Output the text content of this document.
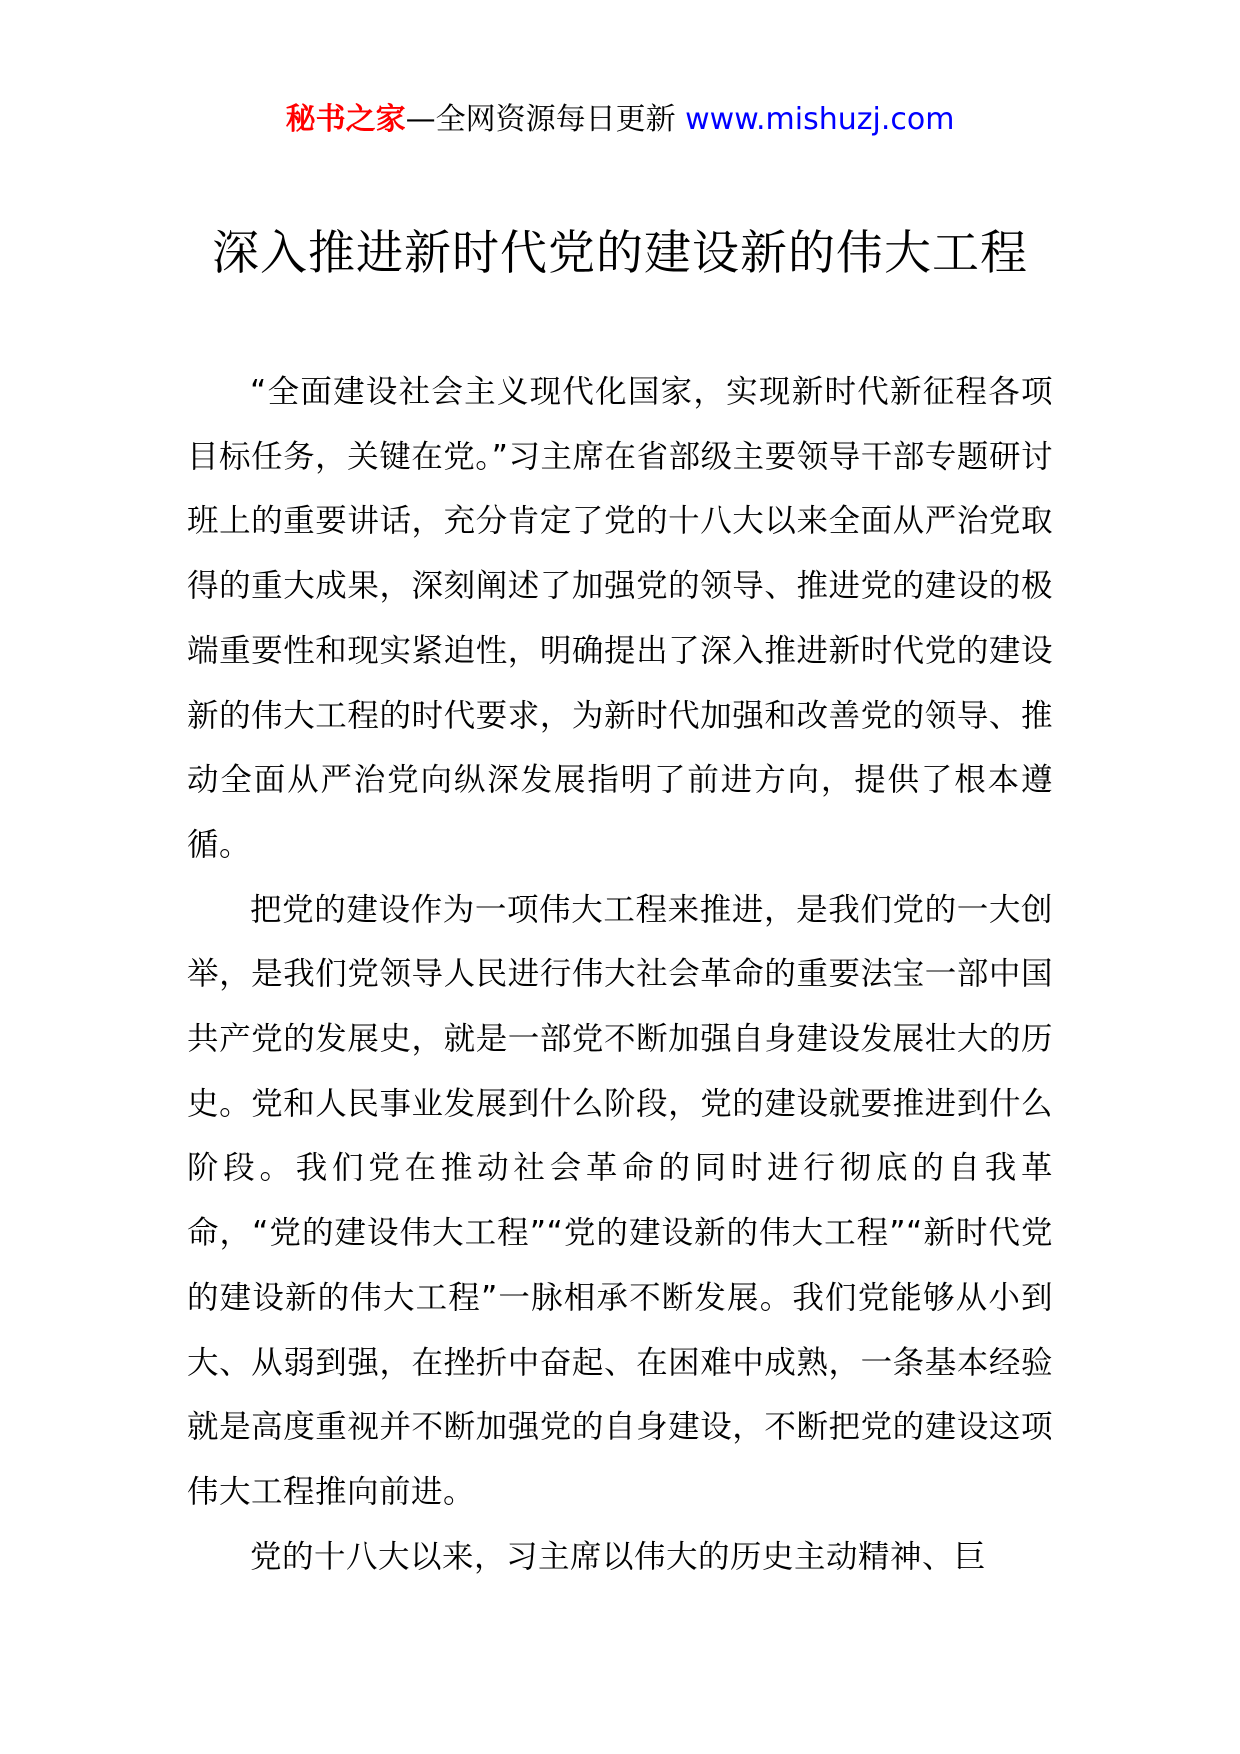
秘书之家—全网资源每日更新 www.mishuzj.com
深入推进新时代党的建设新的伟大工程

“全面建设社会主义现代化国家，实现新时代新征程各项目标任务，关键在党。”习主席在省部级主要领导干部专题研讨班上的重要讲话，充分肯定了党的十八大以来全面从严治党取得的重大成果，深刻阐述了加强党的领导、推进党的建设的极端重要性和现实紧迫性，明确提出了深入推进新时代党的建设新的伟大工程的时代要求，为新时代加强和改善党的领导、推动全面从严治党向纵深发展指明了前进方向，提供了根本遵循。

把党的建设作为一项伟大工程来推进，是我们党的一大创举，是我们党领导人民进行伟大社会革命的重要法宝一部中国共产党的发展史，就是一部党不断加强自身建设发展壮大的历史。党和人民事业发展到什么阶段，党的建设就要推进到什么阶段。我们党在推动社会革命的同时进行彻底的自我革命，“党的建设伟大工程”“党的建设新的伟大工程”“新时代党的建设新的伟大工程”一脉相承不断发展。我们党能够从小到大、从弱到强，在挫折中奋起、在困难中成熟，一条基本经验就是高度重视并不断加强党的自身建设，不断把党的建设这项伟大工程推向前进。

党的十八大以来，习主席以伟大的历史主动精神、巨
